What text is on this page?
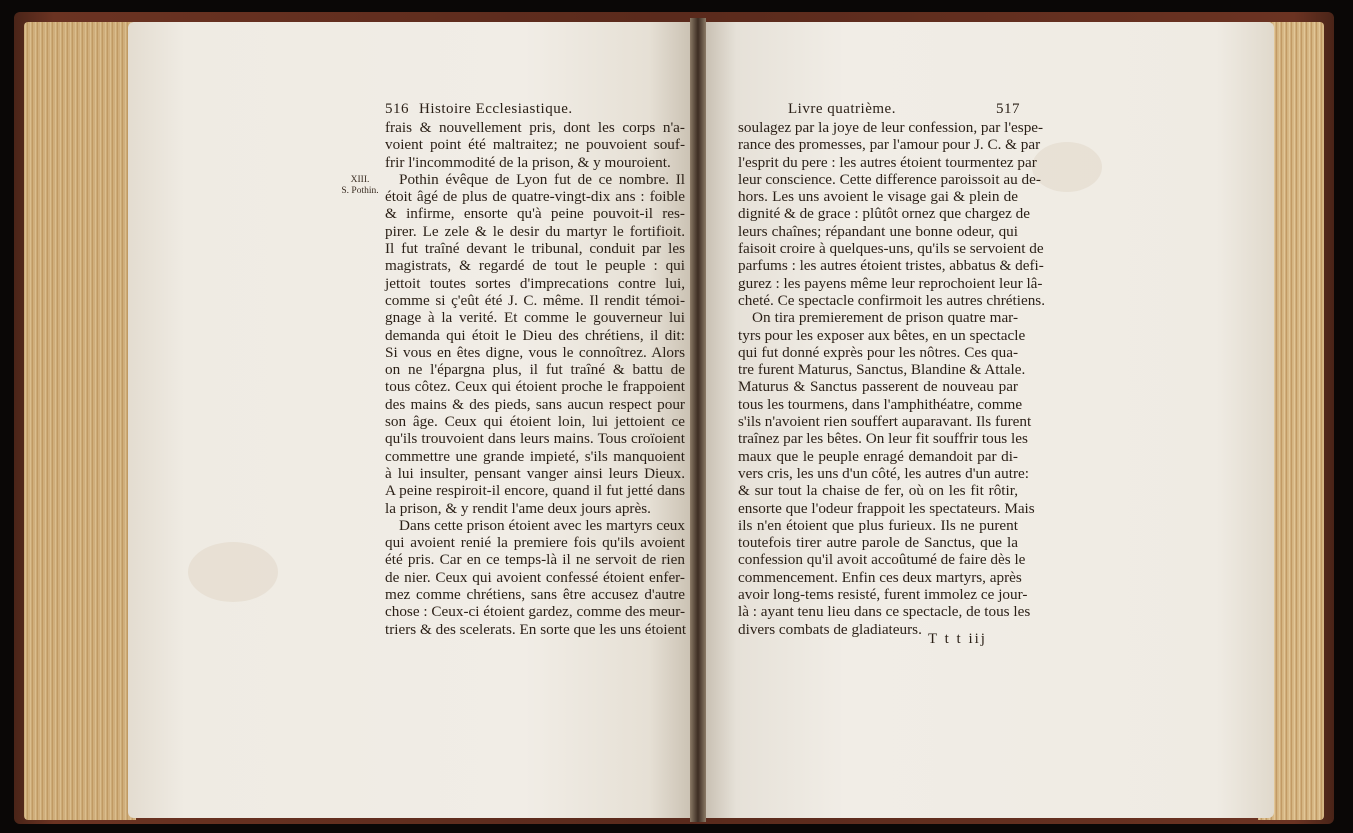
XIII.
S. Pothin.
516 Histoire Ecclesiastique.
frais & nouvellement pris, dont les corps n'a-
voient point été maltraitez; ne pouvoient souf-
frir l'incommodité de la prison, & y mouroient.
Pothin évêque de Lyon fut de ce nombre. Il
étoit âgé de plus de quatre-vingt-dix ans : foible
& infirme, ensorte qu'à peine pouvoit-il res-
pirer. Le zele & le desir du martyr le fortifioit.
Il fut traîné devant le tribunal, conduit par les
magistrats, & regardé de tout le peuple : qui
jettoit toutes sortes d'imprecations contre lui,
comme si ç'eût été J. C. même. Il rendit témoi-
gnage à la verité. Et comme le gouverneur lui
demanda qui étoit le Dieu des chrétiens, il dit:
Si vous en êtes digne, vous le connoîtrez. Alors
on ne l'épargna plus, il fut traîné & battu de
tous côtez. Ceux qui étoient proche le frappoient
des mains & des pieds, sans aucun respect pour
son âge. Ceux qui étoient loin, lui jettoient ce
qu'ils trouvoient dans leurs mains. Tous croïoient
commettre une grande impieté, s'ils manquoient
à lui insulter, pensant vanger ainsi leurs Dieux.
A peine respiroit-il encore, quand il fut jetté dans
la prison, & y rendit l'ame deux jours après.
Dans cette prison étoient avec les martyrs ceux
qui avoient renié la premiere fois qu'ils avoient
été pris. Car en ce temps-là il ne servoit de rien
de nier. Ceux qui avoient confessé étoient enfer-
mez comme chrétiens, sans être accusez d'autre
chose : Ceux-ci étoient gardez, comme des meur-
triers & des scelerats. En sorte que les uns étoient
Livre quatrième.	517
soulagez par la joye de leur confession, par l'espe-
rance des promesses, par l'amour pour J. C. & par
l'esprit du pere : les autres étoient tourmentez par
leur conscience. Cette difference paroissoit au de-
hors. Les uns avoient le visage gai & plein de
dignité & de grace : plûtôt ornez que chargez de
leurs chaînes; répandant une bonne odeur, qui
faisoit croire à quelques-uns, qu'ils se servoient de
parfums : les autres étoient tristes, abbatus & defi-
gurez : les payens même leur reprochoient leur lâ-
cheté. Ce spectacle confirmoit les autres chrétiens.
On tira premierement de prison quatre mar-
tyrs pour les exposer aux bêtes, en un spectacle
qui fut donné exprès pour les nôtres. Ces qua-
tre furent Maturus, Sanctus, Blandine & Attale.
Maturus & Sanctus passerent de nouveau par
tous les tourmens, dans l'amphithéatre, comme
s'ils n'avoient rien souffert auparavant. Ils furent
traînez par les bêtes. On leur fit souffrir tous les
maux que le peuple enragé demandoit par di-
vers cris, les uns d'un côté, les autres d'un autre:
& sur tout la chaise de fer, où on les fit rôtir,
ensorte que l'odeur frappoit les spectateurs. Mais
ils n'en étoient que plus furieux. Ils ne purent
toutefois tirer autre parole de Sanctus, que la
confession qu'il avoit accoûtumé de faire dès le
commencement. Enfin ces deux martyrs, après
avoir long-tems resisté, furent immolez ce jour-
là : ayant tenu lieu dans ce spectacle, de tous les
divers combats de gladiateurs.
T t t iij
